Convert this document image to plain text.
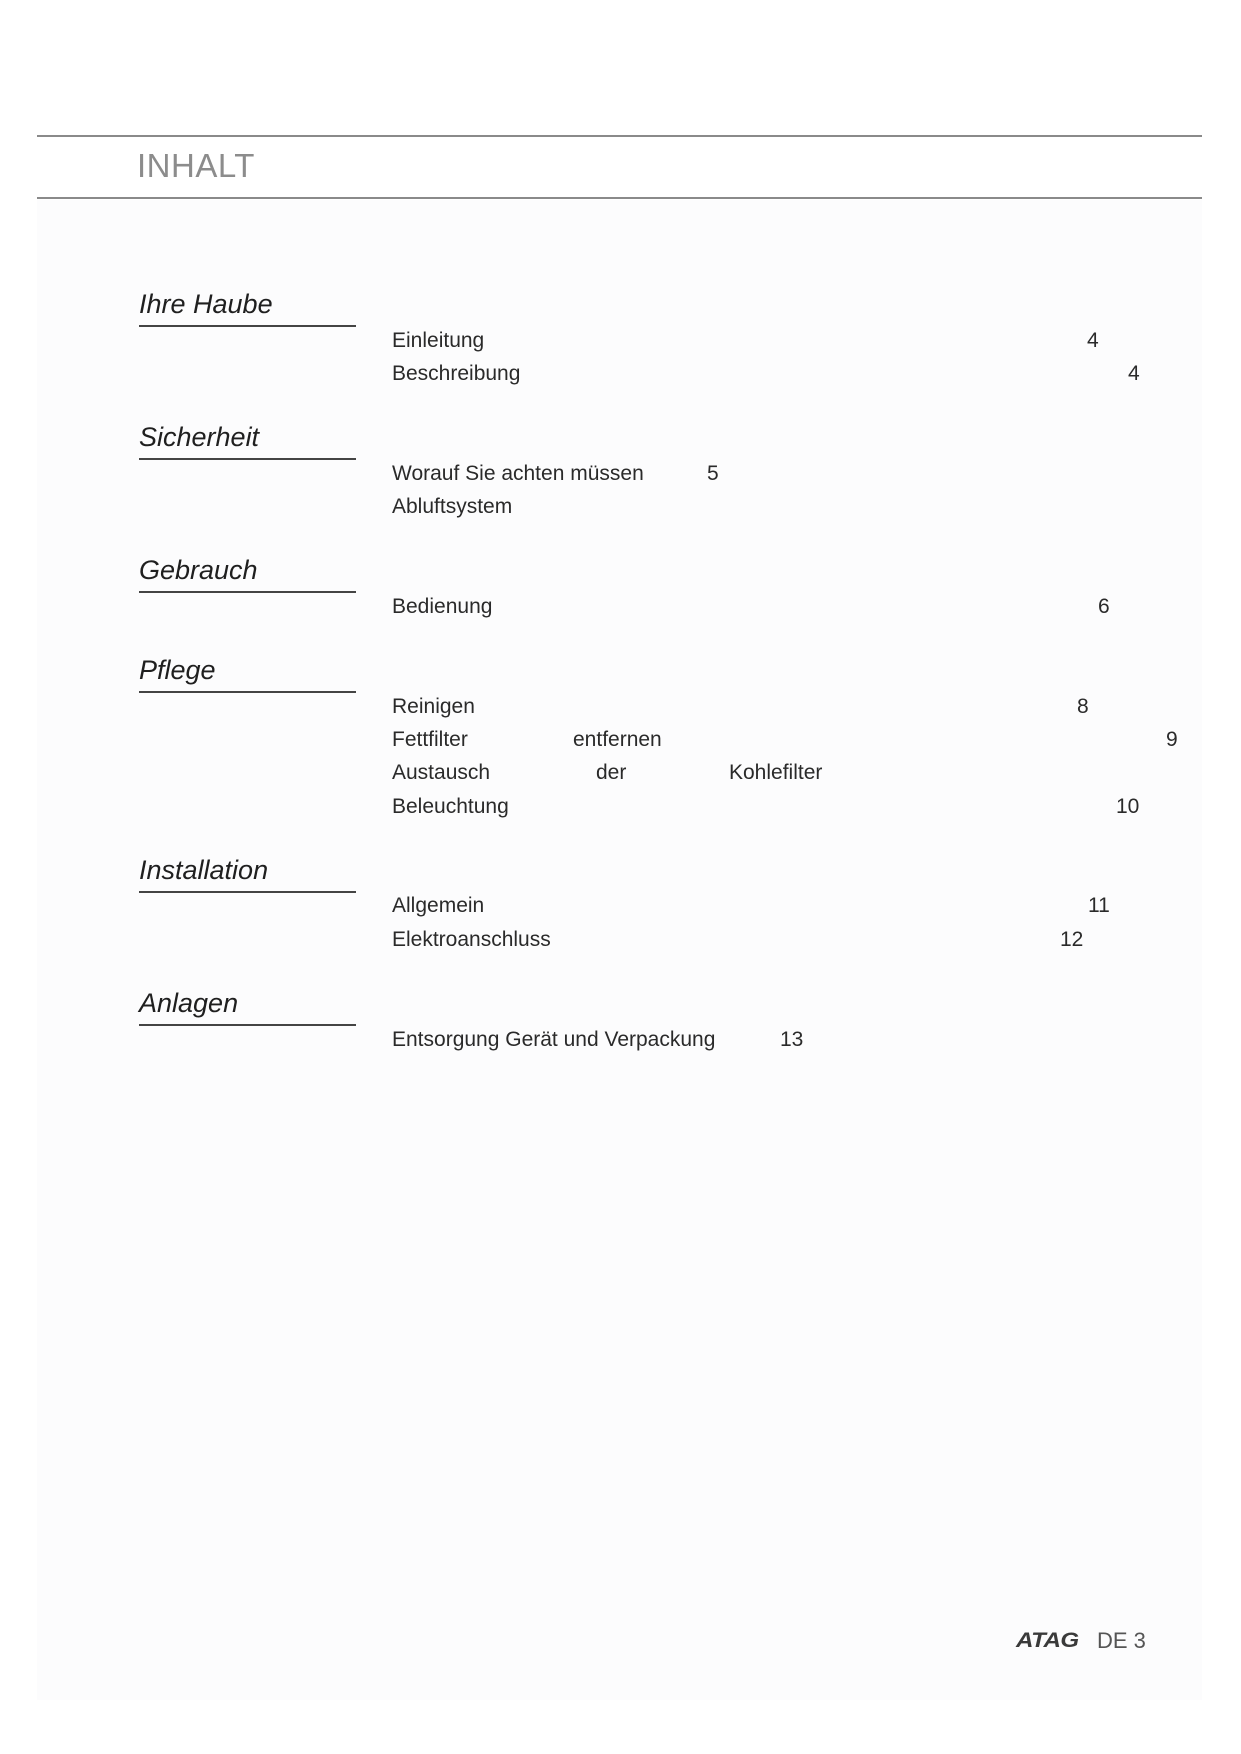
INHALT
Ihre Haube
Einleitung	4
Beschreibung	4
Sicherheit
Worauf Sie achten müssen	5
Abluftsystem
Gebrauch
Bedienung	6
Pflege
Reinigen	8
Fettfilter	entfernen	9
Austausch	der	Kohlefilter
Beleuchtung	10
Installation
Allgemein	11
Elektroanschluss	12
Anlagen
Entsorgung Gerät und Verpackung	13
ATAG DE 3
